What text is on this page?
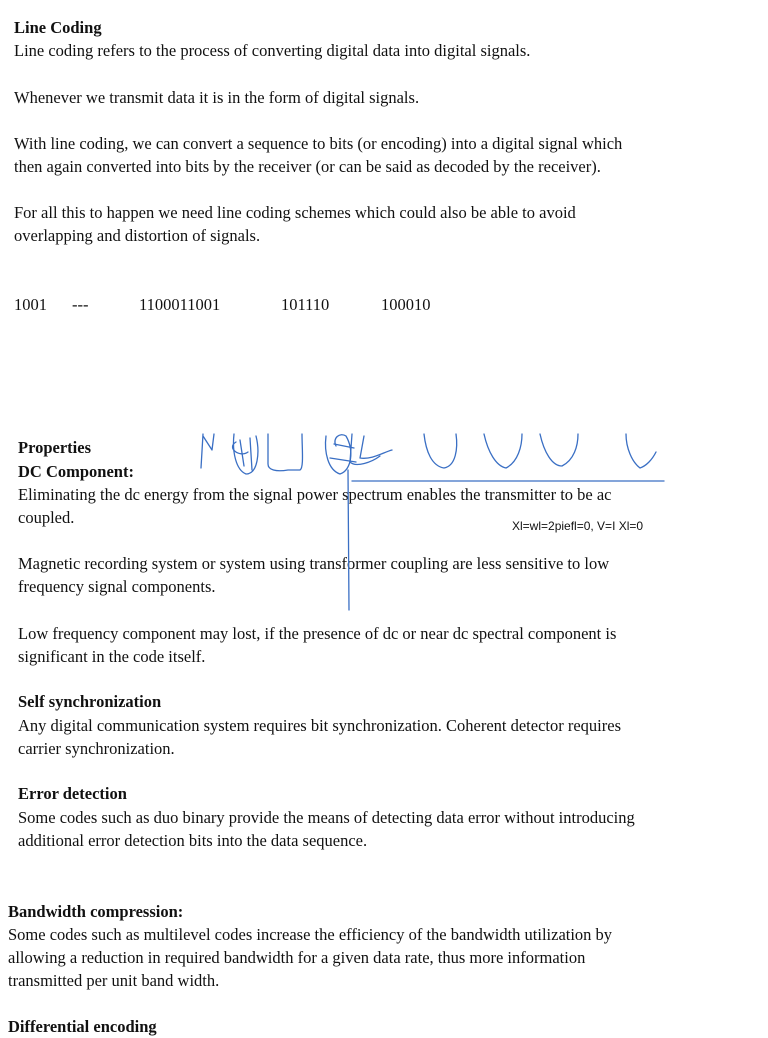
Line Coding
Line coding refers to the process of converting digital data into digital signals.
Whenever we transmit data it is in the form of digital signals.
With line coding, we can convert a sequence to bits (or encoding) into a digital signal which
then again converted into bits by the receiver (or can be said as decoded by the receiver).
For all this to happen we need line coding schemes which could also be able to avoid
overlapping and distortion of signals.
1001 ---	1100011001	101110	100010
Properties
DC Component:
Eliminating the dc energy from the signal power spectrum enables the transmitter to be ac
coupled.
Magnetic recording system or system using transformer coupling are less sensitive to low
frequency signal components.
Low frequency component may lost, if the presence of dc or near dc spectral component is
significant in the code itself.
Self synchronization
Any digital communication system requires bit synchronization. Coherent detector requires
carrier synchronization.
Error detection
Some codes such as duo binary provide the means of detecting data error without introducing
additional error detection bits into the data sequence.
Bandwidth compression:
Some codes such as multilevel codes increase the efficiency of the bandwidth utilization by
allowing a reduction in required bandwidth for a given data rate, thus more information
transmitted per unit band width.
Differential encoding
Xl=wl=2piefl=0, V=I Xl=0
